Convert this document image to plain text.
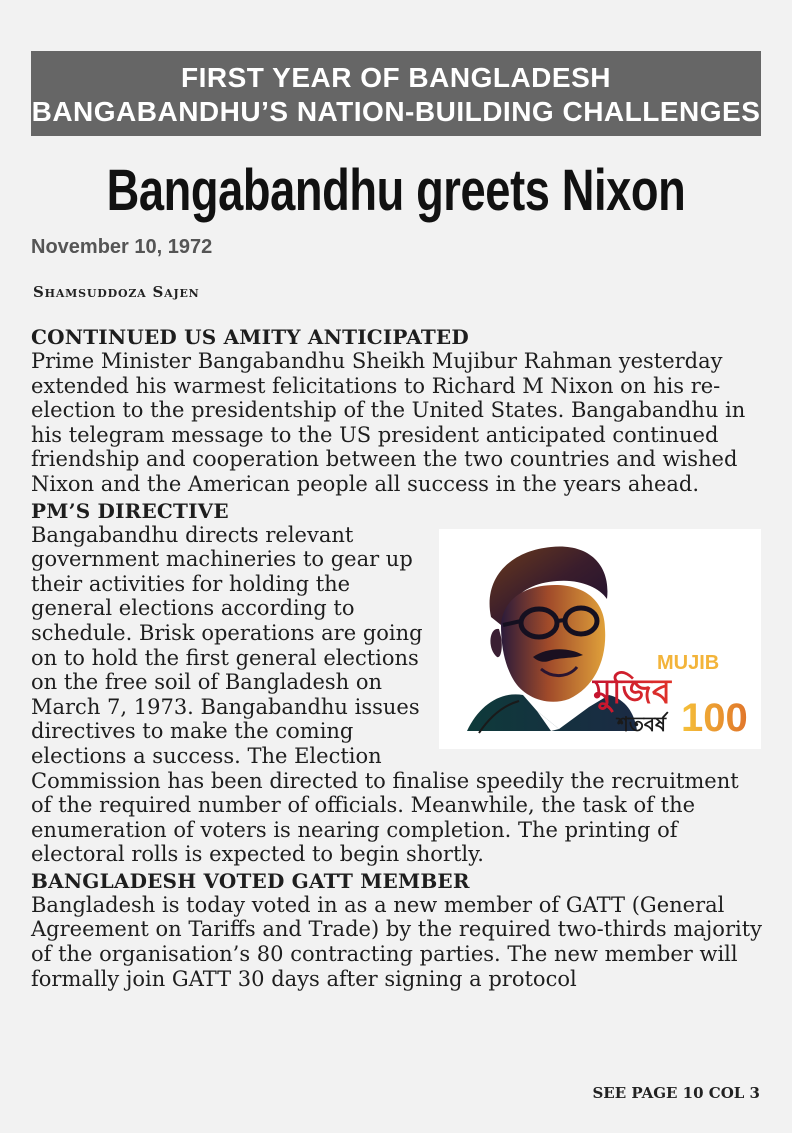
FIRST YEAR OF BANGLADESH
BANGABANDHU’S NATION-BUILDING CHALLENGES
Bangabandhu greets Nixon
November 10, 1972
Shamsuddoza Sajen
CONTINUED US AMITY ANTICIPATED

Prime Minister Bangabandhu Sheikh Mujibur Rahman yesterday extended his warmest felicitations to Richard M Nixon on his re-election to the presidentship of the United States. Bangabandhu in his telegram message to the US president anticipated continued friendship and cooperation between the two countries and wished Nixon and the American people all success in the years ahead.

PM’S DIRECTIVE
মুজিব
MUJIB
শতবর্ষ 100

Bangabandhu directs relevant government machineries to gear up their activities for holding the general elections according to schedule. Brisk operations are going on to hold the first general elections on the free soil of Bangladesh on March 7, 1973. Bangabandhu issues directives to make the coming elections a success. The Election Commission has been directed to finalise speedily the recruitment of the required number of officials. Meanwhile, the task of the enumeration of voters is nearing completion. The printing of electoral rolls is expected to begin shortly.

BANGLADESH VOTED GATT MEMBER

Bangladesh is today voted in as a new member of GATT (General Agreement on Tariffs and Trade) by the required two-thirds majority of the organisation’s 80 contracting parties. The new member will formally join GATT 30 days after signing a protocol

SEE PAGE 10 COL 3
